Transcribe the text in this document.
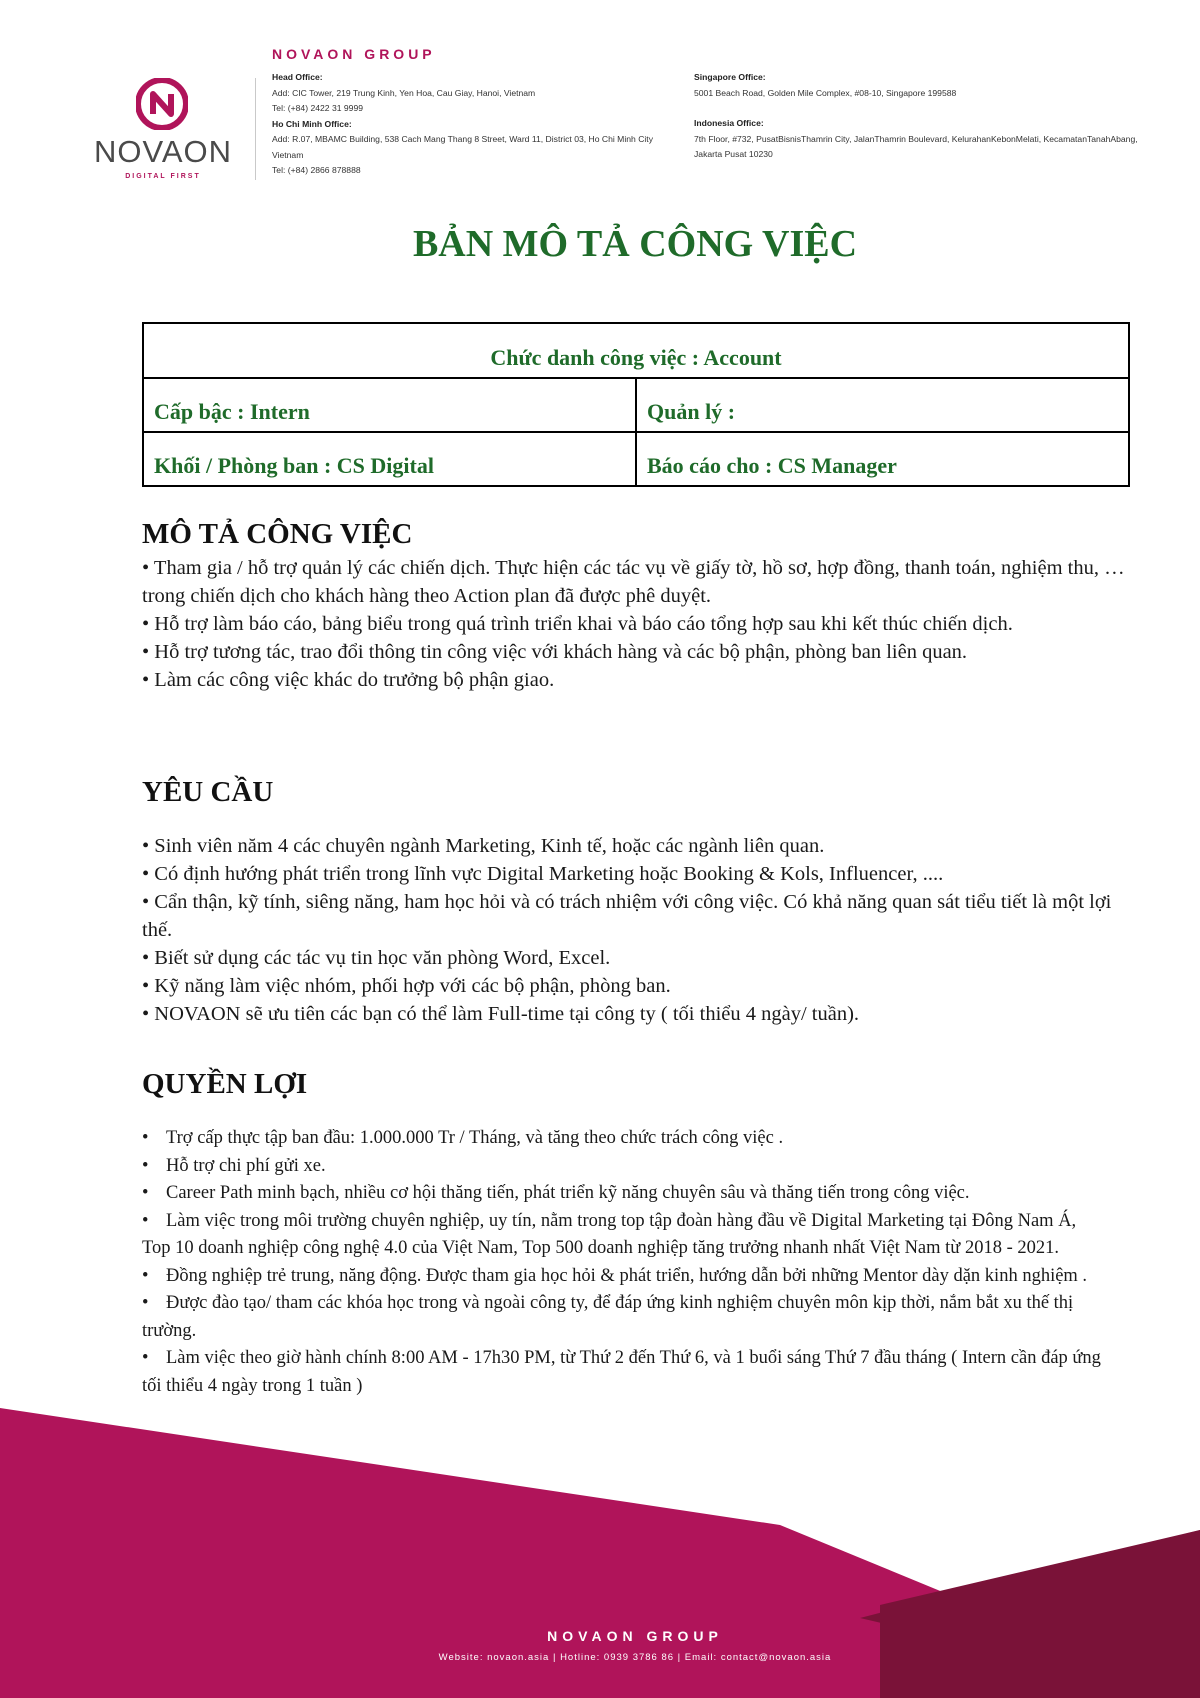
NOVAON
DIGITAL FIRST
NOVAON GROUP
Head Office:
Add: CIC Tower, 219 Trung Kinh, Yen Hoa, Cau Giay, Hanoi, Vietnam
Tel: (+84) 2422 31 9999
Ho Chi Minh Office:
Add: R.07, MBAMC Building, 538 Cach Mang Thang 8 Street, Ward 11, District 03, Ho Chi Minh City Vietnam
Tel: (+84) 2866 878888
Singapore Office:
5001 Beach Road, Golden Mile Complex, #08-10, Singapore 199588
Indonesia Office:
7th Floor, #732, PusatBisnisThamrin City, JalanThamrin Boulevard, KelurahanKebonMelati, KecamatanTanahAbang, Jakarta Pusat 10230
BẢN MÔ TẢ CÔNG VIỆC
Chức danh công việc : Account
Cấp bậc : Intern	Quản lý :
Khối / Phòng ban : CS Digital	Báo cáo cho : CS Manager
MÔ TẢ CÔNG VIỆC

• Tham gia / hỗ trợ quản lý các chiến dịch. Thực hiện các tác vụ về giấy tờ, hồ sơ, hợp đồng, thanh toán, nghiệm thu, … trong chiến dịch cho khách hàng theo Action plan đã được phê duyệt.

• Hỗ trợ làm báo cáo, bảng biểu trong quá trình triển khai và báo cáo tổng hợp sau khi kết thúc chiến dịch.

• Hỗ trợ tương tác, trao đổi thông tin công việc với khách hàng và các bộ phận, phòng ban liên quan.

• Làm các công việc khác do trưởng bộ phận giao.

YÊU CẦU

• Sinh viên năm 4 các chuyên ngành Marketing, Kinh tế, hoặc các ngành liên quan.

• Có định hướng phát triển trong lĩnh vực Digital Marketing hoặc Booking & Kols, Influencer, ....

• Cẩn thận, kỹ tính, siêng năng, ham học hỏi và có trách nhiệm với công việc. Có khả năng quan sát tiểu tiết là một lợi thế.

• Biết sử dụng các tác vụ tin học văn phòng Word, Excel.

• Kỹ năng làm việc nhóm, phối hợp với các bộ phận, phòng ban.

• NOVAON sẽ ưu tiên các bạn có thể làm Full-time tại công ty ( tối thiểu 4 ngày/ tuần).

QUYỀN LỢI

• Trợ cấp thực tập ban đầu: 1.000.000 Tr / Tháng, và tăng theo chức trách công việc .

• Hỗ trợ chi phí gửi xe.

• Career Path minh bạch, nhiều cơ hội thăng tiến, phát triển kỹ năng chuyên sâu và thăng tiến trong công việc.

• Làm việc trong môi trường chuyên nghiệp, uy tín, nằm trong top tập đoàn hàng đầu về Digital Marketing tại Đông Nam Á, Top 10 doanh nghiệp công nghệ 4.0 của Việt Nam, Top 500 doanh nghiệp tăng trưởng nhanh nhất Việt Nam từ 2018 - 2021.

• Đồng nghiệp trẻ trung, năng động. Được tham gia học hỏi & phát triển, hướng dẫn bởi những Mentor dày dặn kinh nghiệm .

• Được đào tạo/ tham các khóa học trong và ngoài công ty, để đáp ứng kinh nghiệm chuyên môn kịp thời, nắm bắt xu thế thị trường.

• Làm việc theo giờ hành chính 8:00 AM - 17h30 PM, từ Thứ 2 đến Thứ 6, và 1 buổi sáng Thứ 7 đầu tháng ( Intern cần đáp ứng tối thiểu 4 ngày trong 1 tuần )

NOVAON GROUP
Website: novaon.asia | Hotline: 0939 3786 86 | Email: contact@novaon.asia
